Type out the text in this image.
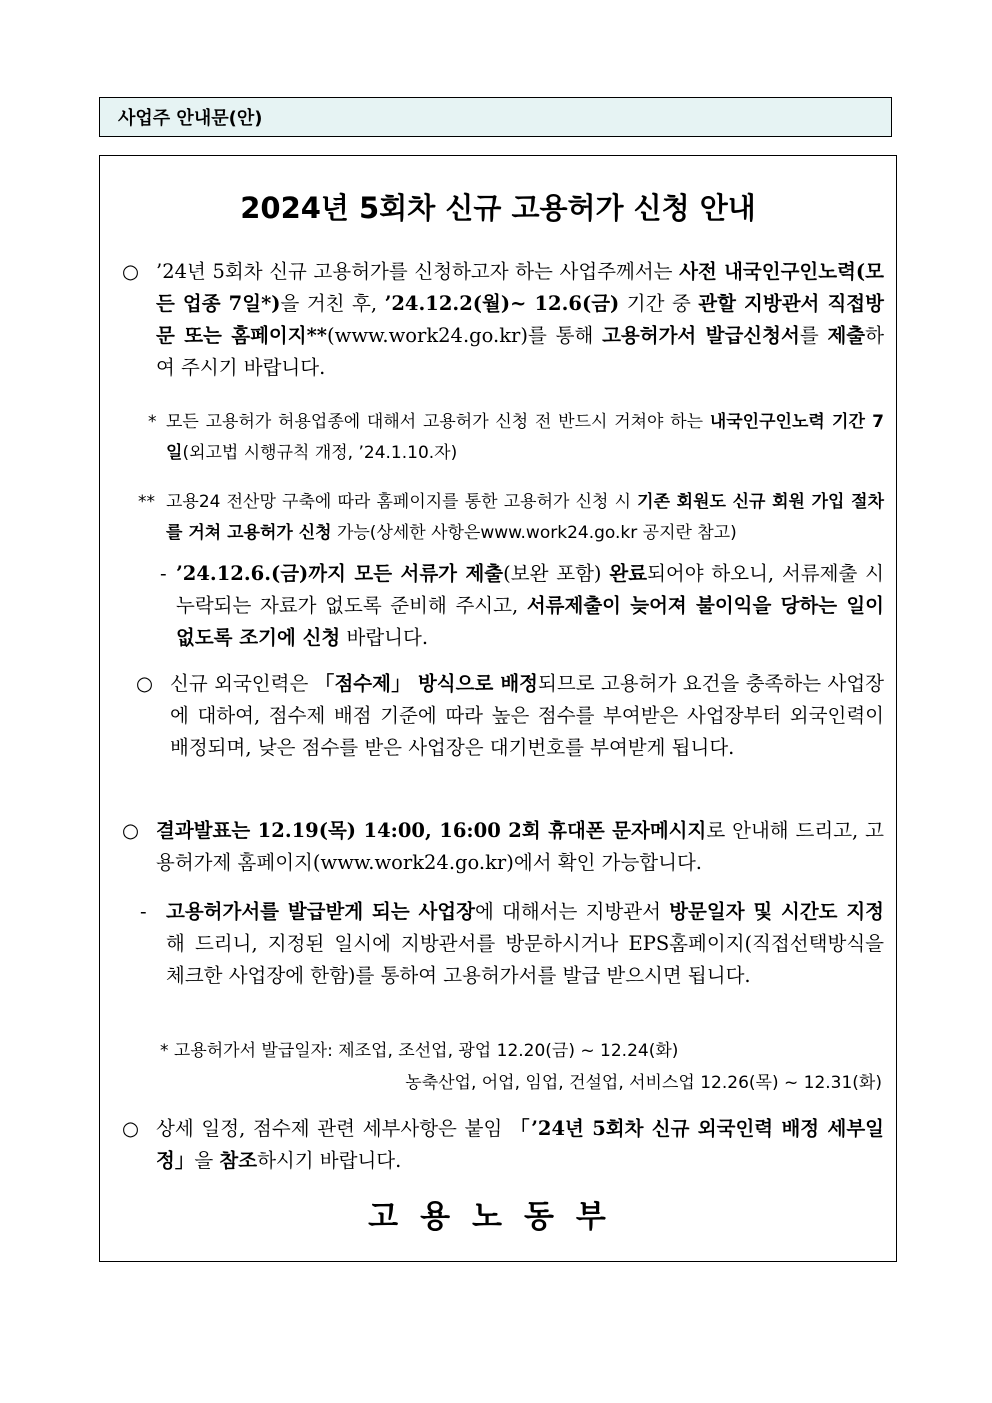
사업주 안내문(안)
2024년 5회차 신규 고용허가 신청 안내
○ ’24년 5회차 신규 고용허가를 신청하고자 하는 사업주께서는 사전 내국인구인노력(모든 업종 7일*)을 거친 후, ’24.12.2(월)~ 12.6(금) 기간 중 관할 지방관서 직접방문 또는 홈페이지**(www.work24.go.kr)를 통해 고용허가서 발급신청서를 제출하여 주시기 바랍니다.
* 모든 고용허가 허용업종에 대해서 고용허가 신청 전 반드시 거쳐야 하는 내국인구인노력 기간 7일(외고법 시행규칙 개정, ’24.1.10.자)
** 고용24 전산망 구축에 따라 홈페이지를 통한 고용허가 신청 시 기존 회원도 신규 회원 가입 절차를 거쳐 고용허가 신청 가능(상세한 사항은www.work24.go.kr 공지란 참고)
- ’24.12.6.(금)까지 모든 서류가 제출(보완 포함) 완료되어야 하오니, 서류제출 시 누락되는 자료가 없도록 준비해 주시고, 서류제출이 늦어져 불이익을 당하는 일이 없도록 조기에 신청 바랍니다.
○ 신규 외국인력은 「점수제」 방식으로 배정되므로 고용허가 요건을 충족하는 사업장에 대하여, 점수제 배점 기준에 따라 높은 점수를 부여받은 사업장부터 외국인력이 배정되며, 낮은 점수를 받은 사업장은 대기번호를 부여받게 됩니다.
○ 결과발표는 12.19(목) 14:00, 16:00 2회 휴대폰 문자메시지로 안내해 드리고, 고용허가제 홈페이지(www.work24.go.kr)에서 확인 가능합니다.
- 고용허가서를 발급받게 되는 사업장에 대해서는 지방관서 방문일자 및 시간도 지정해 드리니, 지정된 일시에 지방관서를 방문하시거나 EPS홈페이지(직접선택방식을 체크한 사업장에 한함)를 통하여 고용허가서를 발급 받으시면 됩니다.
* 고용허가서 발급일자: 제조업, 조선업, 광업 12.20(금) ~ 12.24(화)
농축산업, 어업, 임업, 건설업, 서비스업 12.26(목) ~ 12.31(화)
○ 상세 일정, 점수제 관련 세부사항은 붙임 「’24년 5회차 신규 외국인력 배정 세부일정」을 참조하시기 바랍니다.
고용노동부
